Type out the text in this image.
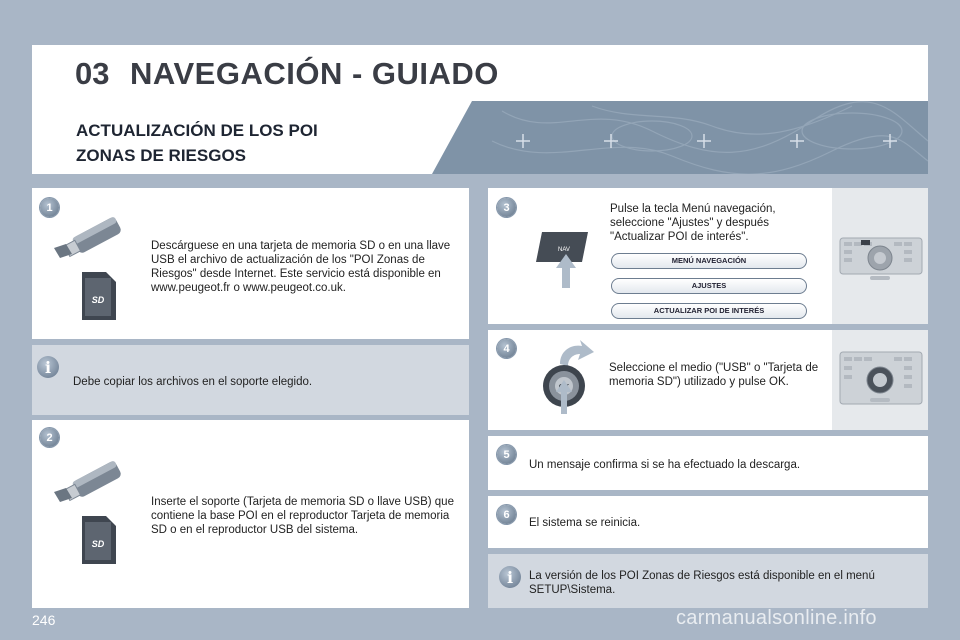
03 NAVEGACIÓN - GUIADO
ACTUALIZACIÓN DE LOS POI
ZONAS DE RIESGOS
1
SD
Descárguese en una tarjeta de memoria SD o en una llave USB el archivo de actualización de los "POI Zonas de Riesgos" desde Internet. Este servicio está disponible en www.peugeot.fr o www.peugeot.co.uk.
i
Debe copiar los archivos en el soporte elegido.
2
SD
Inserte el soporte (Tarjeta de memoria SD o llave USB) que contiene la base POI en el reproductor Tarjeta de memoria SD o en el reproductor USB del sistema.
3
NAV
Pulse la tecla Menú navegación, seleccione "Ajustes" y después "Actualizar POI de interés".
MENÚ NAVEGACIÓN
AJUSTES
ACTUALIZAR POI DE INTERÉS
4
Seleccione el medio ("USB" o "Tarjeta de memoria SD") utilizado y pulse OK.
5
Un mensaje confirma si se ha efectuado la descarga.
6
El sistema se reinicia.
i	La versión de los POI Zonas de Riesgos está disponible en el menú SETUP\Sistema.
246	carmanualsonline.info
